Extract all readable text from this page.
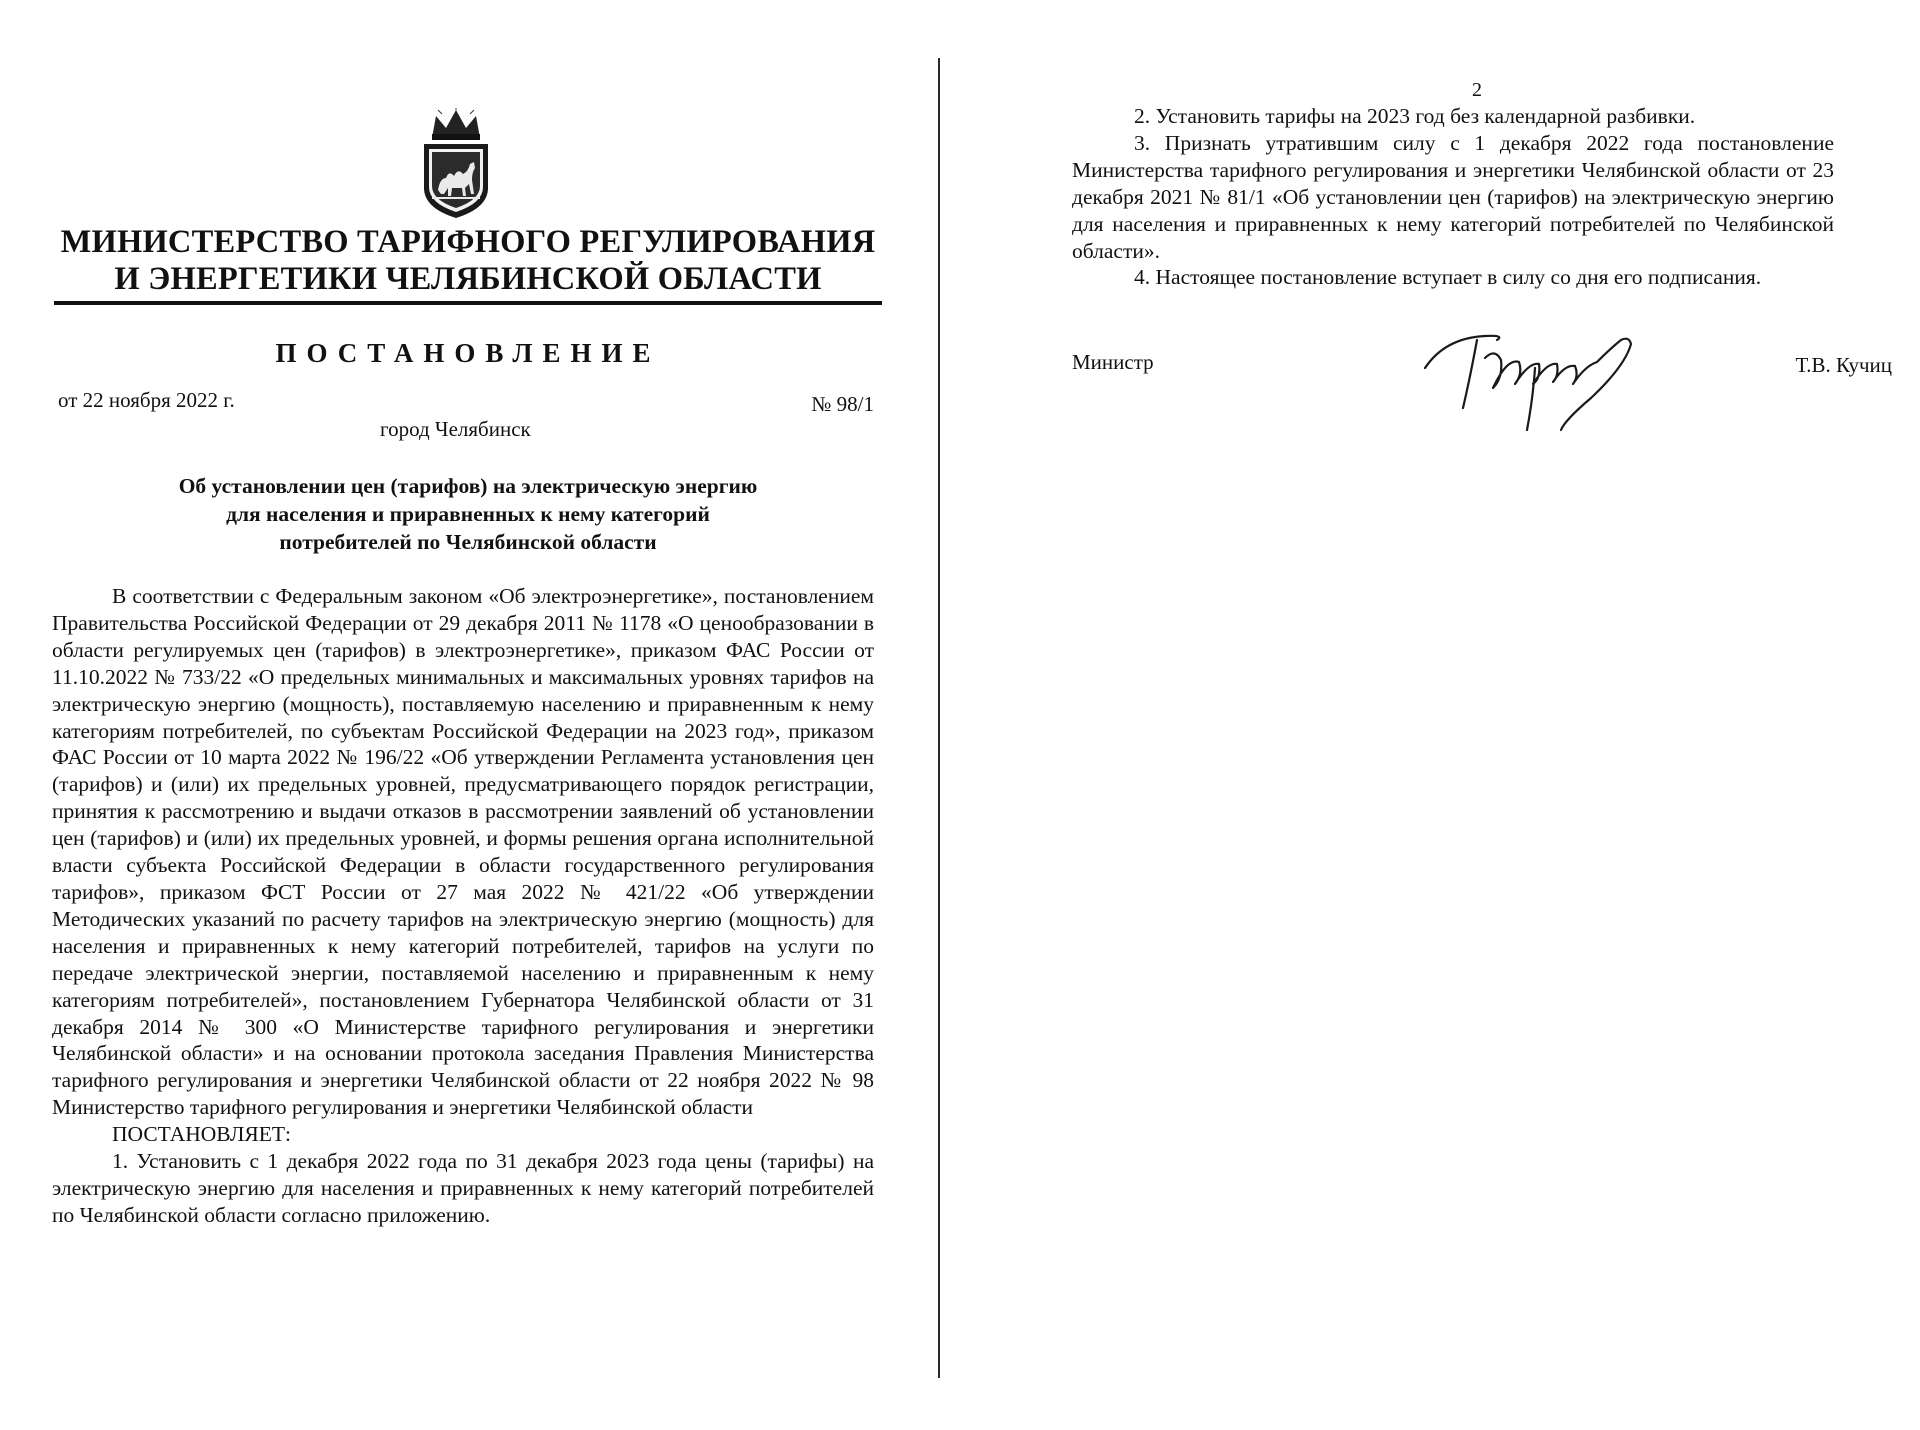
МИНИСТЕРСТВО ТАРИФНОГО РЕГУЛИРОВАНИЯ
И ЭНЕРГЕТИКИ ЧЕЛЯБИНСКОЙ ОБЛАСТИ
ПОСТАНОВЛЕНИЕ
от 22 ноября 2022 г.	№ 98/1
город Челябинск
Об установлении цен (тарифов) на электрическую энергию
для населения и приравненных к нему категорий
потребителей по Челябинской области

В соответствии с Федеральным законом «Об электроэнергетике», постановлением Правительства Российской Федерации от 29 декабря 2011 № 1178 «О ценообразовании в области регулируемых цен (тарифов) в электроэнергетике», приказом ФАС России от 11.10.2022 № 733/22 «О предельных минимальных и максимальных уровнях тарифов на электрическую энергию (мощность), поставляемую населению и приравненным к нему категориям потребителей, по субъектам Российской Федерации на 2023 год», приказом ФАС России от 10 марта 2022 № 196/22 «Об утверждении Регламента установления цен (тарифов) и (или) их предельных уровней, предусматривающего порядок регистрации, принятия к рассмотрению и выдачи отказов в рассмотрении заявлений об установлении цен (тарифов) и (или) их предельных уровней, и формы решения органа исполнительной власти субъекта Российской Федерации в области государственного регулирования тарифов», приказом ФСТ России от 27 мая 2022 № 421/22 «Об утверждении Методических указаний по расчету тарифов на электрическую энергию (мощность) для населения и приравненных к нему категорий потребителей, тарифов на услуги по передаче электрической энергии, поставляемой населению и приравненным к нему категориям потребителей», постановлением Губернатора Челябинской области от 31 декабря 2014 № 300 «О Министерстве тарифного регулирования и энергетики Челябинской области» и на основании протокола заседания Правления Министерства тарифного регулирования и энергетики Челябинской области от 22 ноября 2022 № 98 Министерство тарифного регулирования и энергетики Челябинской области

ПОСТАНОВЛЯЕТ:

1. Установить с 1 декабря 2022 года по 31 декабря 2023 года цены (тарифы) на электрическую энергию для населения и приравненных к нему категорий потребителей по Челябинской области согласно приложению.

2

2. Установить тарифы на 2023 год без календарной разбивки.

3. Признать утратившим силу с 1 декабря 2022 года постановление Министерства тарифного регулирования и энергетики Челябинской области от 23 декабря 2021 № 81/1 «Об установлении цен (тарифов) на электрическую энергию для населения и приравненных к нему категорий потребителей по Челябинской области».

4. Настоящее постановление вступает в силу со дня его подписания.

Министр	Т.В. Кучиц
